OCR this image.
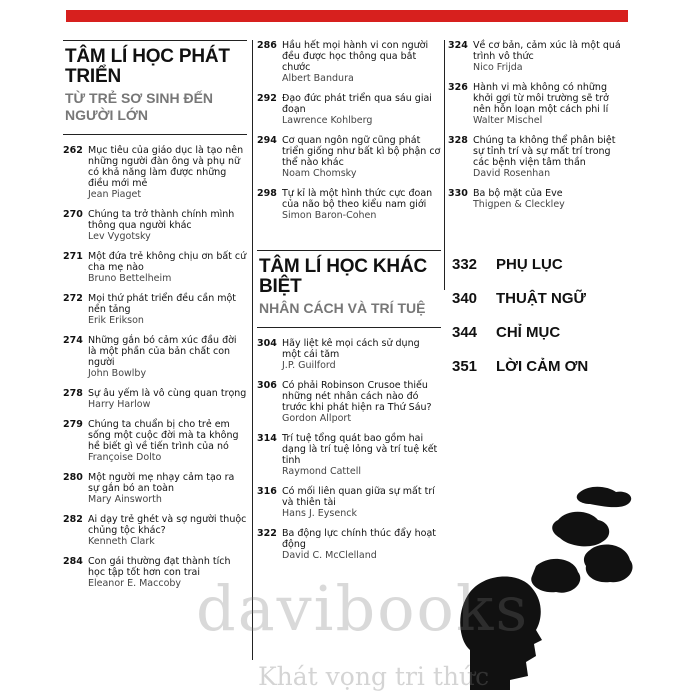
TÂM LÍ HỌC PHÁT TRIỂN
TỪ TRẺ SƠ SINH ĐẾN NGƯỜI LỚN
262 Mục tiêu của giáo dục là tạo nên những người đàn ông và phụ nữ có khả năng làm được những điều mới mẻ
Jean Piaget
270 Chúng ta trở thành chính mình thông qua người khác
Lev Vygotsky
271 Một đứa trẻ không chịu ơn bất cứ cha mẹ nào
Bruno Bettelheim
272 Mọi thứ phát triển đều cần một nền tảng
Erik Erikson
274 Những gắn bó cảm xúc đầu đời là một phần của bản chất con người
John Bowlby
278 Sự âu yếm là vô cùng quan trọng
Harry Harlow
279 Chúng ta chuẩn bị cho trẻ em sống một cuộc đời mà ta không hề biết gì về tiến trình của nó
Françoise Dolto
280 Một người mẹ nhạy cảm tạo ra sự gắn bó an toàn
Mary Ainsworth
282 Ai dạy trẻ ghét và sợ người thuộc chủng tộc khác?
Kenneth Clark
284 Con gái thường đạt thành tích học tập tốt hơn con trai
Eleanor E. Maccoby
286 Hầu hết mọi hành vi con người đều được học thông qua bắt chước
Albert Bandura
292 Đạo đức phát triển qua sáu giai đoạn
Lawrence Kohlberg
294 Cơ quan ngôn ngữ cũng phát triển giống như bất kì bộ phận cơ thể nào khác
Noam Chomsky
298 Tự kỉ là một hình thức cực đoan của não bộ theo kiểu nam giới
Simon Baron-Cohen
TÂM LÍ HỌC KHÁC BIỆT
NHÂN CÁCH VÀ TRÍ TUỆ
304 Hãy liệt kê mọi cách sử dụng một cái tăm
J.P. Guilford
306 Có phải Robinson Crusoe thiếu những nét nhân cách nào đó trước khi phát hiện ra Thứ Sáu?
Gordon Allport
314 Trí tuệ tổng quát bao gồm hai dạng là trí tuệ lỏng và trí tuệ kết tinh
Raymond Cattell
316 Có mối liên quan giữa sự mất trí và thiên tài
Hans J. Eysenck
322 Ba động lực chính thúc đẩy hoạt động
David C. McClelland
324 Về cơ bản, cảm xúc là một quá trình vô thức
Nico Frijda
326 Hành vi mà không có những khởi gợi từ môi trường sẽ trở nên hỗn loạn một cách phi lí
Walter Mischel
328 Chúng ta không thể phân biệt sự tỉnh trí và sự mất trí trong các bệnh viện tâm thần
David Rosenhan
330 Ba bộ mặt của Eve
Thigpen & Cleckley
332	PHỤ LỤC
340	THUẬT NGỮ
344	CHỈ MỤC
351	LỜI CẢM ƠN
davibooks
Khát vọng tri thức
